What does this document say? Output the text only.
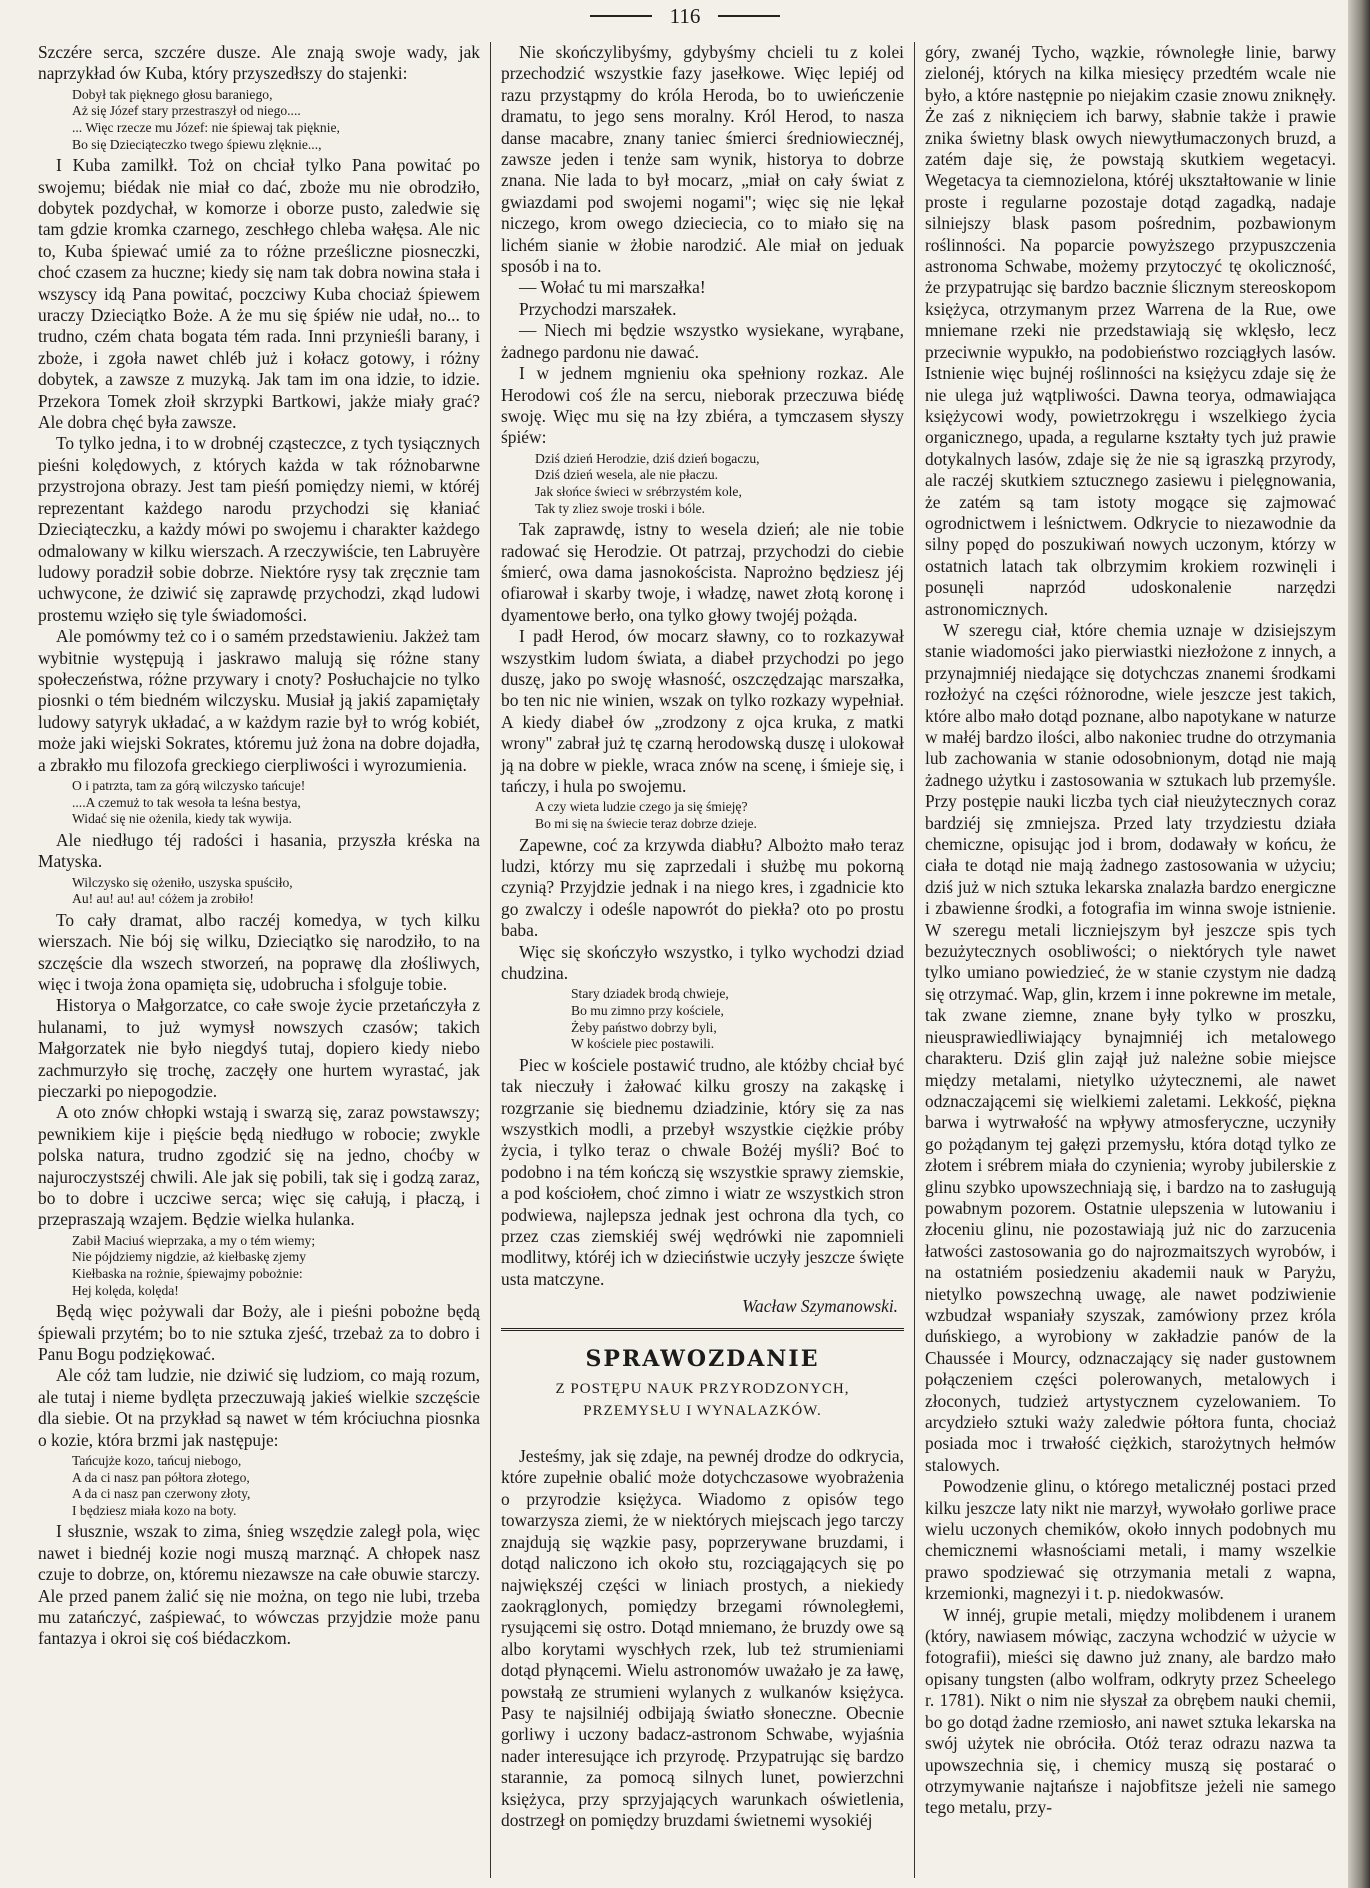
116

Szczére serca, szczére dusze. Ale znają swoje wady, jak naprzykład ów Kuba, który przyszedłszy do stajenki:

Dobył tak pięknego głosu baraniego,
Aż się Józef stary przestraszył od niego....
... Więc rzecze mu Józef: nie śpiewaj tak pięknie,
Bo się Dzieciąteczko twego śpiewu zlęknie...,

I Kuba zamilkł. Toż on chciał tylko Pana powitać po swojemu; biédak nie miał co dać, zboże mu nie obrodziło, dobytek pozdychał, w komorze i oborze pusto, zaledwie się tam gdzie kromka czarnego, zeschłego chleba wałęsa. Ale nic to, Kuba śpiewać umié za to różne prześliczne piosneczki, choć czasem za huczne; kiedy się nam tak dobra nowina stała i wszyscy idą Pana powitać, poczciwy Kuba chociaż śpiewem uraczy Dzieciątko Boże. A że mu się śpiéw nie udał, no... to trudno, czém chata bogata tém rada. Inni przynieśli barany, i zboże, i zgoła nawet chléb już i kołacz gotowy, i różny dobytek, a zawsze z muzyką. Jak tam im ona idzie, to idzie. Przekora Tomek złoił skrzypki Bartkowi, jakże miały grać? Ale dobra chęć była zawsze.

To tylko jedna, i to w drobnéj cząsteczce, z tych tysiącznych pieśni kolędowych, z których każda w tak różnobarwne przystrojona obrazy. Jest tam pieśń pomiędzy niemi, w któréj reprezentant każdego narodu przychodzi się kłaniać Dzieciąteczku, a każdy mówi po swojemu i charakter każdego odmalowany w kilku wierszach. A rzeczywiście, ten Labruyère ludowy poradził sobie dobrze. Niektóre rysy tak zręcznie tam uchwycone, że dziwić się zaprawdę przychodzi, zkąd ludowi prostemu wzięło się tyle świadomości.

Ale pomówmy też co i o samém przedstawieniu. Jakżeż tam wybitnie występują i jaskrawo malują się różne stany społeczeństwa, różne przywary i cnoty? Posłuchajcie no tylko piosnki o tém biedném wilczysku. Musiał ją jakiś zapamiętały ludowy satyryk układać, a w każdym razie był to wróg kobiét, może jaki wiejski Sokrates, któremu już żona na dobre dojadła, a zbrakło mu filozofa greckiego cierpliwości i wyrozumienia.

O i patrzta, tam za górą wilczysko tańcuje!
....A czemuż to tak wesoła ta leśna bestya,
Widać się nie ożenila, kiedy tak wywija.

Ale niedługo téj radości i hasania, przyszła kréska na Matyska.

Wilczysko się ożeniło, uszyska spuściło,
Au! au! au! au! cóżem ja zrobiło!

To cały dramat, albo raczéj komedya, w tych kilku wierszach. Nie bój się wilku, Dzieciątko się narodziło, to na szczęście dla wszech stworzeń, na poprawę dla złośliwych, więc i twoja żona opamięta się, udobrucha i sfolguje tobie.

Historya o Małgorzatce, co całe swoje życie przetańczyła z hulanami, to już wymysł nowszych czasów; takich Małgorzatek nie było niegdyś tutaj, dopiero kiedy niebo zachmurzyło się trochę, zaczęły one hurtem wyrastać, jak pieczarki po niepogodzie.

A oto znów chłopki wstają i swarzą się, zaraz powstawszy; pewnikiem kije i pięście będą niedługo w robocie; zwykle polska natura, trudno zgodzić się na jedno, choćby w najuroczystszéj chwili. Ale jak się pobili, tak się i godzą zaraz, bo to dobre i uczciwe serca; więc się całują, i płaczą, i przepraszają wzajem. Będzie wielka hulanka.

Zabił Maciuś wieprzaka, a my o tém wiemy;
Nie pójdziemy nigdzie, aż kiełbaskę zjemy
Kiełbaska na rożnie, śpiewajmy pobożnie:
Hej kolęda, kolęda!

Będą więc pożywali dar Boży, ale i pieśni pobożne będą śpiewali przytém; bo to nie sztuka zjeść, trzebaż za to dobro i Panu Bogu podziękować.

Ale cóż tam ludzie, nie dziwić się ludziom, co mają rozum, ale tutaj i nieme bydlęta przeczuwają jakieś wielkie szczęście dla siebie. Ot na przykład są nawet w tém króciuchna piosnka o kozie, która brzmi jak następuje:

Tańcujże kozo, tańcuj niebogo,
A da ci nasz pan półtora złotego,
A da ci nasz pan czerwony złoty,
I będziesz miała kozo na boty.

I słusznie, wszak to zima, śnieg wszędzie zaległ pola, więc nawet i biednéj kozie nogi muszą marznąć. A chłopek nasz czuje to dobrze, on, któremu niezawsze na całe obuwie starczy. Ale przed panem żalić się nie można, on tego nie lubi, trzeba mu zatańczyć, zaśpiewać, to wówczas przyjdzie może panu fantazya i okroi się coś biédaczkom.

Nie skończylibyśmy, gdybyśmy chcieli tu z kolei przechodzić wszystkie fazy jasełkowe. Więc lepiéj od razu przystąpmy do króla Heroda, bo to uwieńczenie dramatu, to jego sens moralny. Król Herod, to nasza danse macabre, znany taniec śmierci średniowiecznéj, zawsze jeden i tenże sam wynik, historya to dobrze znana. Nie lada to był mocarz, „miał on cały świat z gwiazdami pod swojemi nogami"; więc się nie lękał niczego, krom owego dzieciecia, co to miało się na lichém sianie w żłobie narodzić. Ale miał on jeduak sposób i na to.

— Wołać tu mi marszałka!

Przychodzi marszałek.

— Niech mi będzie wszystko wysiekane, wyrąbane, żadnego pardonu nie dawać.

I w jednem mgnieniu oka spełniony rozkaz. Ale Herodowi coś źle na sercu, nieborak przeczuwa biédę swoję. Więc mu się na łzy zbiéra, a tymczasem słyszy śpiéw:

Dziś dzień Herodzie, dziś dzień bogaczu,
Dziś dzień wesela, ale nie płaczu.
Jak słońce świeci w srébrzystém kole,
Tak ty zliez swoje troski i bóle.

Tak zaprawdę, istny to wesela dzień; ale nie tobie radować się Herodzie. Ot patrzaj, przychodzi do ciebie śmierć, owa dama jasnokoścista. Naprożno będziesz jéj ofiarował i skarby twoje, i władzę, nawet złotą koronę i dyamentowe berło, ona tylko głowy twojéj pożąda.

I padł Herod, ów mocarz sławny, co to rozkazywał wszystkim ludom świata, a diabeł przychodzi po jego duszę, jako po swoję własność, oszczędzając marszałka, bo ten nic nie winien, wszak on tylko rozkazy wypełniał. A kiedy diabeł ów „zrodzony z ojca kruka, z matki wrony" zabrał już tę czarną herodowską duszę i ulokował ją na dobre w piekle, wraca znów na scenę, i śmieje się, i tańczy, i hula po swojemu.

A czy wieta ludzie czego ja się śmieję?
Bo mi się na świecie teraz dobrze dzieje.

Zapewne, coć za krzywda diabłu? Albożto mało teraz ludzi, którzy mu się zaprzedali i służbę mu pokorną czynią? Przyjdzie jednak i na niego kres, i zgadnicie kto go zwalczy i odeśle napowrót do piekła? oto po prostu baba.

Więc się skończyło wszystko, i tylko wychodzi dziad chudzina.

Stary dziadek brodą chwieje,
Bo mu zimno przy kościele,
Żeby państwo dobrzy byli,
W kościele piec postawili.

Piec w kościele postawić trudno, ale któżby chciał być tak nieczuły i żałować kilku groszy na zakąskę i rozgrzanie się biednemu dziadzinie, który się za nas wszystkich modli, a przebył wszystkie ciężkie próby życia, i tylko teraz o chwale Bożéj myśli? Boć to podobno i na tém kończą się wszystkie sprawy ziemskie, a pod kościołem, choć zimno i wiatr ze wszystkich stron podwiewa, najlepsza jednak jest ochrona dla tych, co przez czas ziemskiéj swéj wędrówki nie zapomnieli modlitwy, któréj ich w dzieciństwie uczyły jeszcze święte usta matczyne.

Wacław Szymanowski.
SPRAWOZDANIE
Z POSTĘPU NAUK PRZYRODZONYCH, PRZEMYSŁU I WYNALAZKÓW.

Jesteśmy, jak się zdaje, na pewnéj drodze do odkrycia, które zupełnie obalić może dotychczasowe wyobrażenia o przyrodzie księżyca. Wiadomo z opisów tego towarzysza ziemi, że w niektórych miejscach jego tarczy znajdują się wązkie pasy, poprzerywane bruzdami, i dotąd naliczono ich około stu, rozciągających się po największéj części w liniach prostych, a niekiedy zaokrąglonych, pomiędzy brzegami równoległemi, rysującemi się ostro. Dotąd mniemano, że bruzdy owe są albo korytami wyschłych rzek, lub też strumieniami dotąd płynącemi. Wielu astronomów uważało je za ławę, powstałą ze strumieni wylanych z wulkanów księżyca. Pasy te najsilniéj odbijają światło słoneczne. Obecnie gorliwy i uczony badacz-astronom Schwabe, wyjaśnia nader interesujące ich przyrodę. Przypatrując się bardzo starannie, za pomocą silnych lunet, powierzchni księżyca, przy sprzyjających warunkach oświetlenia, dostrzegł on pomiędzy bruzdami świetnemi wysokiéj

góry, zwanéj Tycho, wązkie, równoległe linie, barwy zielonéj, których na kilka miesięcy przedtém wcale nie było, a które następnie po niejakim czasie znowu zniknęły. Że zaś z niknięciem ich barwy, słabnie także i prawie znika świetny blask owych niewytłumaczonych bruzd, a zatém daje się, że powstają skutkiem wegetacyi. Wegetacya ta ciemnozielona, któréj ukształtowanie w linie proste i regularne pozostaje dotąd zagadką, nadaje silniejszy blask pasom pośrednim, pozbawionym roślinności. Na poparcie powyższego przypuszczenia astronoma Schwabe, możemy przytoczyć tę okoliczność, że przypatrując się bardzo bacznie ślicznym stereoskopom księżyca, otrzymanym przez Warrena de la Rue, owe mniemane rzeki nie przedstawiają się wklęsło, lecz przeciwnie wypukło, na podobieństwo rozciągłych lasów. Istnienie więc bujnéj roślinności na księżycu zdaje się że nie ulega już wątpliwości. Dawna teorya, odmawiająca księżycowi wody, powietrzokręgu i wszelkiego życia organicznego, upada, a regularne kształty tych już prawie dotykalnych lasów, zdaje się że nie są igraszką przyrody, ale raczéj skutkiem sztucznego zasiewu i pielęgnowania, że zatém są tam istoty mogące się zajmować ogrodnictwem i leśnictwem. Odkrycie to niezawodnie da silny popęd do poszukiwań nowych uczonym, którzy w ostatnich latach tak olbrzymim krokiem rozwinęli i posunęli naprzód udoskonalenie narzędzi astronomicznych.

W szeregu ciał, które chemia uznaje w dzisiejszym stanie wiadomości jako pierwiastki niezłożone z innych, a przynajmniéj niedające się dotychczas znanemi środkami rozłożyć na części różnorodne, wiele jeszcze jest takich, które albo mało dotąd poznane, albo napotykane w naturze w małéj bardzo ilości, albo nakoniec trudne do otrzymania lub zachowania w stanie odosobnionym, dotąd nie mają żadnego użytku i zastosowania w sztukach lub przemyśle. Przy postępie nauki liczba tych ciał nieużytecznych coraz bardziéj się zmniejsza. Przed laty trzydziestu działa chemiczne, opisując jod i brom, dodawały w końcu, że ciała te dotąd nie mają żadnego zastosowania w użyciu; dziś już w nich sztuka lekarska znalazła bardzo energiczne i zbawienne środki, a fotografia im winna swoje istnienie. W szeregu metali liczniejszym był jeszcze spis tych bezużytecznych osobliwości; o niektórych tyle nawet tylko umiano powiedzieć, że w stanie czystym nie dadzą się otrzymać. Wap, glin, krzem i inne pokrewne im metale, tak zwane ziemne, znane były tylko w proszku, nieusprawiedliwiający bynajmniéj ich metalowego charakteru. Dziś glin zajął już należne sobie miejsce między metalami, nietylko użytecznemi, ale nawet odznaczającemi się wielkiemi zaletami. Lekkość, piękna barwa i wytrwałość na wpływy atmosferyczne, uczyniły go pożądanym tej gałęzi przemysłu, która dotąd tylko ze złotem i srébrem miała do czynienia; wyroby jubilerskie z glinu szybko upowszechniają się, i bardzo na to zasługują powabnym pozorem. Ostatnie ulepszenia w lutowaniu i złoceniu glinu, nie pozostawiają już nic do zarzucenia łatwości zastosowania go do najrozmaitszych wyrobów, i na ostatniém posiedzeniu akademii nauk w Paryżu, nietylko powszechną uwagę, ale nawet podziwienie wzbudzał wspaniały szyszak, zamówiony przez króla duńskiego, a wyrobiony w zakładzie panów de la Chaussée i Mourcy, odznaczający się nader gustownem połączeniem części polerowanych, metalowych i złoconych, tudzież artystycznem cyzelowaniem. To arcydzieło sztuki waży zaledwie półtora funta, chociaż posiada moc i trwałość ciężkich, starożytnych hełmów stalowych.

Powodzenie glinu, o którego metalicznéj postaci przed kilku jeszcze laty nikt nie marzył, wywołało gorliwe prace wielu uczonych chemików, około innych podobnych mu chemicznemi własnościami metali, i mamy wszelkie prawo spodziewać się otrzymania metali z wapna, krzemionki, magnezyi i t. p. niedokwasów.

W innéj, grupie metali, między molibdenem i uranem (który, nawiasem mówiąc, zaczyna wchodzić w użycie w fotografii), mieści się dawno już znany, ale bardzo mało opisany tungsten (albo wolfram, odkryty przez Scheelego r. 1781). Nikt o nim nie słyszał za obrębem nauki chemii, bo go dotąd żadne rzemiosło, ani nawet sztuka lekarska na swój użytek nie obróciła. Otóż teraz odrazu nazwa ta upowszechnia się, i chemicy muszą się postarać o otrzymywanie najtańsze i najobfitsze jeżeli nie samego tego metalu, przy-
